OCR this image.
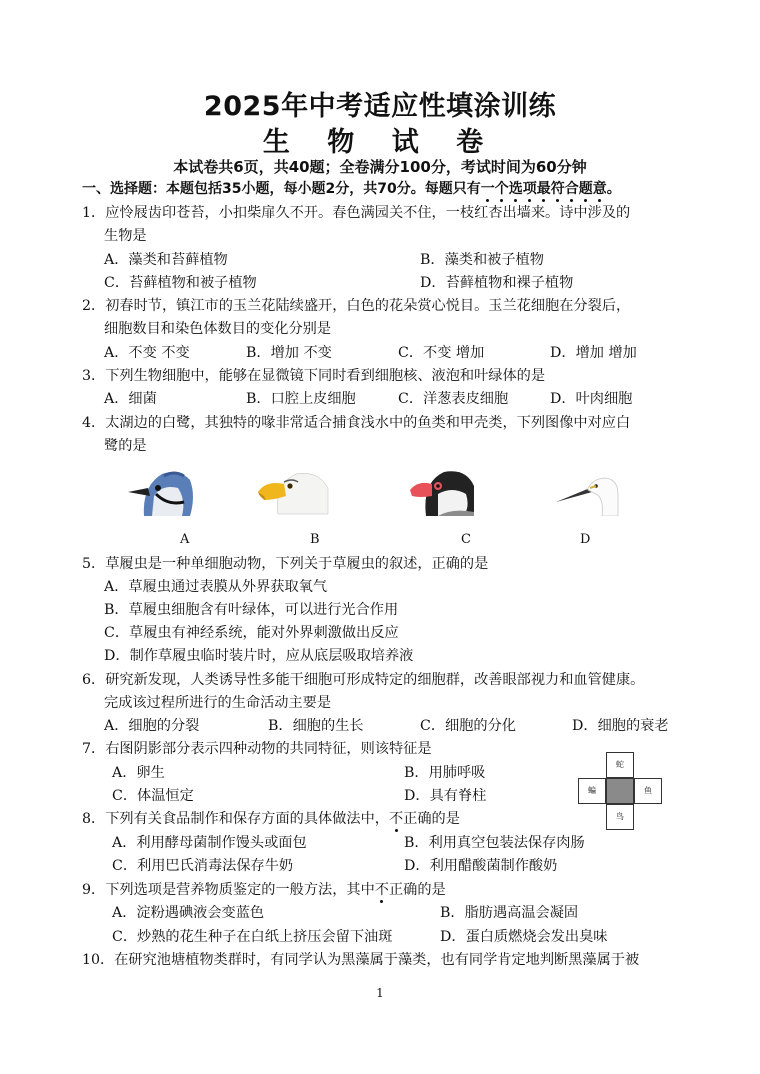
2025年中考适应性填涂训练
生 物 试 卷
本试卷共6页，共40题；全卷满分100分，考试时间为60分钟
一、选择题：本题包括35小题，每小题2分，共70分。每题只有一个选项最符合题意。
1．应怜屐齿印苍苔，小扣柴扉久不开。春色满园关不住，一枝红杏出墙来。诗中涉及的
生物是
A．藻类和苔藓植物	B．藻类和被子植物
C．苔藓植物和被子植物	D．苔藓植物和裸子植物
2．初春时节，镇江市的玉兰花陆续盛开，白色的花朵赏心悦目。玉兰花细胞在分裂后，
细胞数目和染色体数目的变化分别是
A．不变 不变	B．增加 不变	C．不变 增加	D．增加 增加
3．下列生物细胞中，能够在显微镜下同时看到细胞核、液泡和叶绿体的是
A．细菌	B．口腔上皮细胞	C．洋葱表皮细胞	D．叶肉细胞
4．太湖边的白鹭，其独特的喙非常适合捕食浅水中的鱼类和甲壳类，下列图像中对应白
鹭的是
A	B	C	D
5．草履虫是一种单细胞动物，下列关于草履虫的叙述，正确的是
A．草履虫通过表膜从外界获取氧气
B．草履虫细胞含有叶绿体，可以进行光合作用
C．草履虫有神经系统，能对外界刺激做出反应
D．制作草履虫临时装片时，应从底层吸取培养液
6．研究新发现，人类诱导性多能干细胞可形成特定的细胞群，改善眼部视力和血管健康。
完成该过程所进行的生命活动主要是
A．细胞的分裂	B．细胞的生长	C．细胞的分化	D．细胞的衰老
7．右图阴影部分表示四种动物的共同特征，则该特征是
A．卵生	B．用肺呼吸
C．体温恒定	D．具有脊柱
蛇
蝙	鱼
鸟
8．下列有关食品制作和保存方面的具体做法中，不正确的是
A．利用酵母菌制作馒头或面包	B．利用真空包装法保存肉肠
C．利用巴氏消毒法保存牛奶	D．利用醋酸菌制作酸奶
9．下列选项是营养物质鉴定的一般方法，其中不正确的是
A．淀粉遇碘液会变蓝色	B．脂肪遇高温会凝固
C．炒熟的花生种子在白纸上挤压会留下油斑	D．蛋白质燃烧会发出臭味
10．在研究池塘植物类群时，有同学认为黑藻属于藻类，也有同学肯定地判断黑藻属于被
1
